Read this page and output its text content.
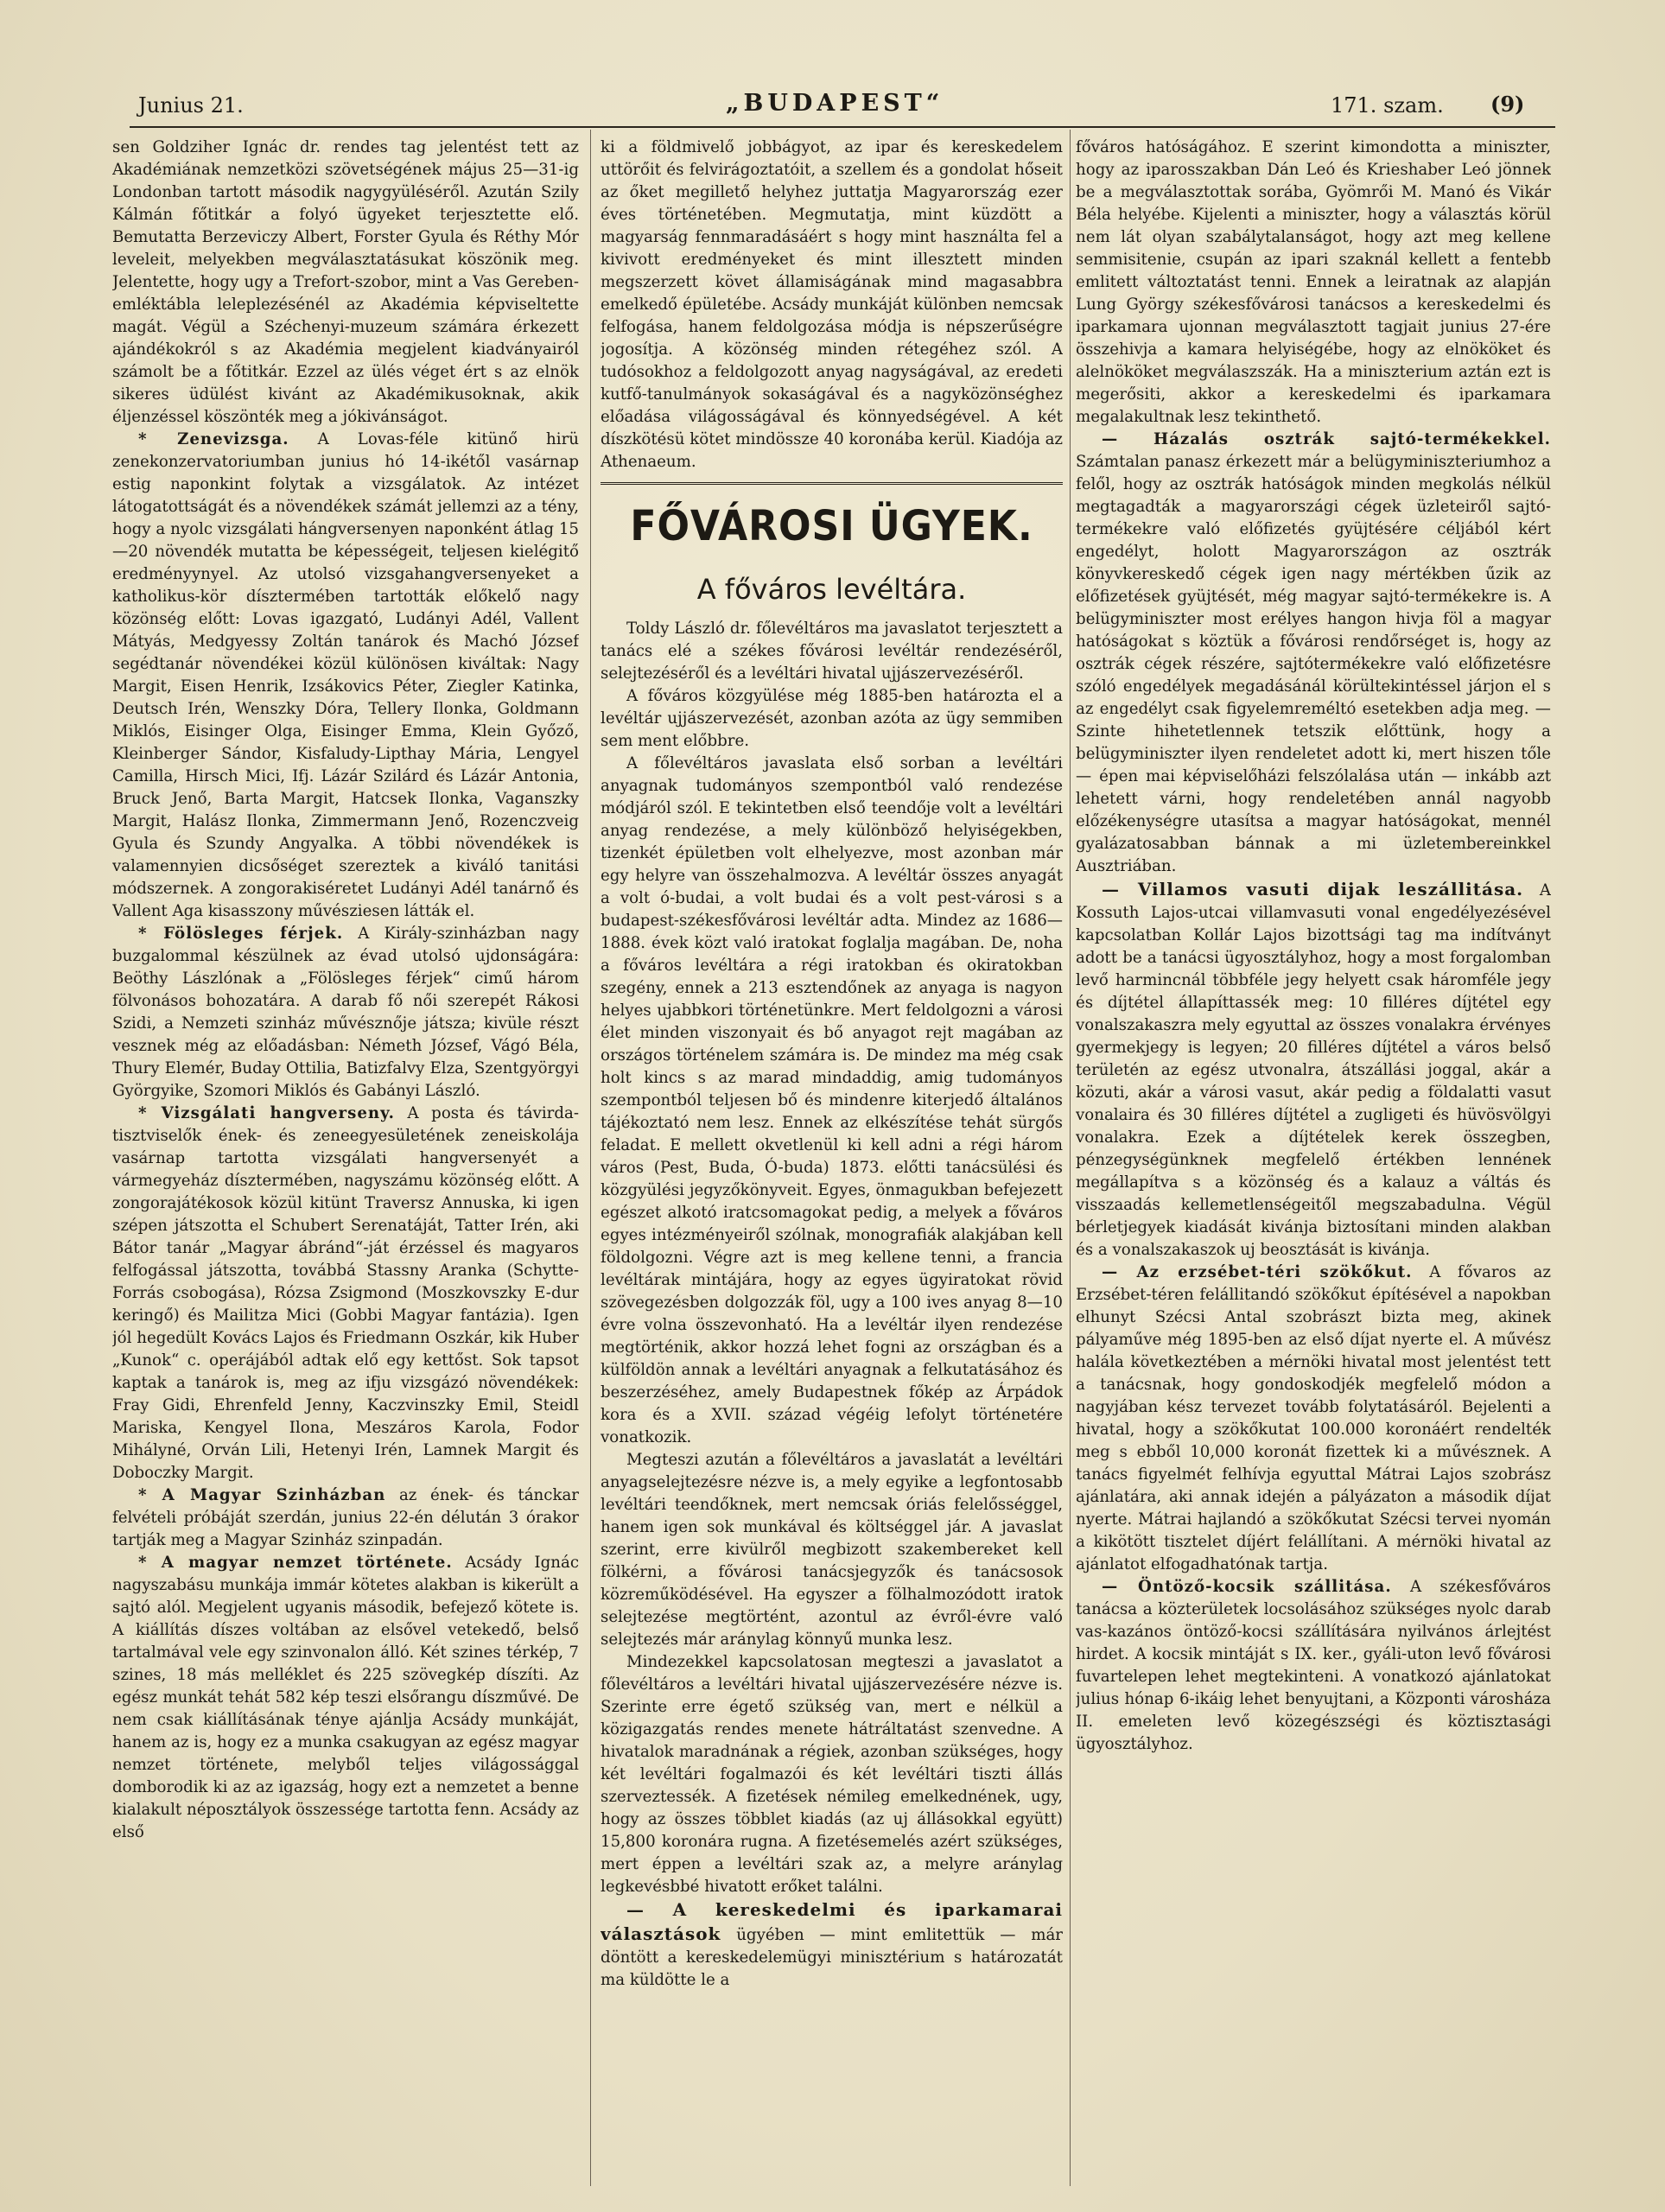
Junius 21.	„BUDAPEST“	171. szam. (9)

sen Goldziher Ignác dr. rendes tag jelentést tett az Akadémiának nemzetközi szövetségének május 25—31-ig Londonban tartott második nagygyüléséről. Azután Szily Kálmán főtitkár a folyó ügyeket terjesztette elő. Bemutatta Berzeviczy Albert, Forster Gyula és Réthy Mór leveleit, melyekben megválasztatásukat köszönik meg. Jelentette, hogy ugy a Trefort-szobor, mint a Vas Gereben-emléktábla leleplezésénél az Akadémia képviseltette magát. Végül a Széchenyi-muzeum számára érkezett ajándékokról s az Akadémia megjelent kiadványairól számolt be a főtitkár. Ezzel az ülés véget ért s az elnök sikeres üdülést kivánt az Akadémikusoknak, akik éljenzéssel köszönték meg a jókivánságot.

* Zenevizsga. A Lovas-féle kitünő hirü zenekonzervatoriumban junius hó 14-ikétől vasárnap estig naponkint folytak a vizsgálatok. Az intézet látogatottságát és a növendékek számát jellemzi az a tény, hogy a nyolc vizsgálati hángversenyen naponként átlag 15—20 növendék mutatta be képességeit, teljesen kielégitő eredményynyel. Az utolsó vizsgahangversenyeket a katholikus-kör dísztermében tartották előkelő nagy közönség előtt: Lovas igazgató, Ludányi Adél, Vallent Mátyás, Medgyessy Zoltán tanárok és Machó József segédtanár növendékei közül különösen kiváltak: Nagy Margit, Eisen Henrik, Izsákovics Péter, Ziegler Katinka, Deutsch Irén, Wenszky Dóra, Tellery Ilonka, Goldmann Miklós, Eisinger Olga, Eisinger Emma, Klein Győző, Kleinberger Sándor, Kisfaludy-Lipthay Mária, Lengyel Camilla, Hirsch Mici, Ifj. Lázár Szilárd és Lázár Antonia, Bruck Jenő, Barta Margit, Hatcsek Ilonka, Vaganszky Margit, Halász Ilonka, Zimmermann Jenő, Rozenczveig Gyula és Szundy Angyalka. A többi növendékek is valamennyien dicsőséget szereztek a kiváló tanitási módszernek. A zongorakiséretet Ludányi Adél tanárnő és Vallent Aga kisasszony művésziesen látták el.

* Fölösleges férjek. A Király-szinházban nagy buzgalommal készülnek az évad utolsó ujdonságára: Beöthy Lászlónak a „Fölösleges férjek“ cimű három fölvonásos bohozatára. A darab fő női szerepét Rákosi Szidi, a Nemzeti szinház művésznője játsza; kivüle részt vesznek még az előadásban: Németh József, Vágó Béla, Thury Elemér, Buday Ottilia, Batizfalvy Elza, Szentgyörgyi Györgyike, Szomori Miklós és Gabányi László.

* Vizsgálati hangverseny. A posta és távirda-tisztviselők ének- és zeneegyesületének zeneiskolája vasárnap tartotta vizsgálati hangversenyét a vármegyeház dísztermében, nagyszámu közönség előtt. A zongorajátékosok közül kitünt Traversz Annuska, ki igen szépen játszotta el Schubert Serenatáját, Tatter Irén, aki Bátor tanár „Magyar ábránd“-ját érzéssel és magyaros felfogással játszotta, továbbá Stassny Aranka (Schytte-Forrás csobogása), Rózsa Zsigmond (Moszkovszky E-dur keringő) és Mailitza Mici (Gobbi Magyar fantázia). Igen jól hegedült Kovács Lajos és Friedmann Oszkár, kik Huber „Kunok“ c. operájából adtak elő egy kettőst. Sok tapsot kaptak a tanárok is, meg az ifju vizsgázó növendékek: Fray Gidi, Ehrenfeld Jenny, Kaczvinszky Emil, Steidl Mariska, Kengyel Ilona, Meszáros Karola, Fodor Mihályné, Orván Lili, Hetenyi Irén, Lamnek Margit és Doboczky Margit.

* A Magyar Szinházban az ének- és tánckar felvételi próbáját szerdán, junius 22-én délután 3 órakor tartják meg a Magyar Szinház szinpadán.

* A magyar nemzet története. Acsády Ignác nagyszabásu munkája immár kötetes alakban is kikerült a sajtó alól. Megjelent ugyanis második, befejező kötete is. A kiállítás díszes voltában az elsővel vetekedő, belső tartalmával vele egy szinvonalon álló. Két szines térkép, 7 szines, 18 más melléklet és 225 szövegkép díszíti. Az egész munkát tehát 582 kép teszi elsőrangu díszművé. De nem csak kiállításának ténye ajánlja Acsády munkáját, hanem az is, hogy ez a munka csakugyan az egész magyar nemzet története, melyből teljes világossággal domborodik ki az az igazság, hogy ezt a nemzetet a benne kialakult néposztályok összessége tartotta fenn. Acsády az első

ki a földmivelő jobbágyot, az ipar és kereskedelem uttörőit és felvirágoztatóit, a szellem és a gondolat hőseit az őket megillető helyhez juttatja Magyarország ezer éves történetében. Megmutatja, mint küzdött a magyarság fennmaradásáért s hogy mint használta fel a kivivott eredményeket és mint illesztett minden megszerzett követ államiságának mind magasabbra emelkedő épületébe. Acsády munkáját különben nemcsak felfogása, hanem feldolgozása módja is népszerűségre jogosítja. A közönség minden rétegéhez szól. A tudósokhoz a feldolgozott anyag nagyságával, az eredeti kutfő-tanulmányok sokaságával és a nagyközönséghez előadása világosságával és könnyedségével. A két díszkötésü kötet mindössze 40 koronába kerül. Kiadója az Athenaeum.

FŐVÁROSI ÜGYEK.
A főváros levéltára.

Toldy László dr. főlevéltáros ma javaslatot terjesztett a tanács elé a székes fővárosi levéltár rendezéséről, selejtezéséről és a levéltári hivatal ujjászervezéséről.

A főváros közgyülése még 1885-ben határozta el a levéltár ujjászervezését, azonban azóta az ügy semmiben sem ment előbbre.

A főlevéltáros javaslata első sorban a levéltári anyagnak tudományos szempontból való rendezése módjáról szól. E tekintetben első teendője volt a levéltári anyag rendezése, a mely különböző helyiségekben, tizenkét épületben volt elhelyezve, most azonban már egy helyre van összehalmozva. A levéltár összes anyagát a volt ó-budai, a volt budai és a volt pest-városi s a budapest-székesfővárosi levéltár adta. Mindez az 1686—1888. évek közt való iratokat foglalja magában. De, noha a főváros levéltára a régi iratokban és okiratokban szegény, ennek a 213 esztendőnek az anyaga is nagyon helyes ujabbkori történetünkre. Mert feldolgozni a városi élet minden viszonyait és bő anyagot rejt magában az országos történelem számára is. De mindez ma még csak holt kincs s az marad mindaddig, amig tudományos szempontból teljesen bő és mindenre kiterjedő általános tájékoztató nem lesz. Ennek az elkészítése tehát sürgős feladat. E mellett okvetlenül ki kell adni a régi három város (Pest, Buda, Ó-buda) 1873. előtti tanácsülési és közgyülési jegyzőkönyveit. Egyes, önmagukban befejezett egészet alkotó iratcsomagokat pedig, a melyek a főváros egyes intézményeiről szólnak, monografiák alakjában kell földolgozni. Végre azt is meg kellene tenni, a francia levéltárak mintájára, hogy az egyes ügyiratokat rövid szövegezésben dolgozzák föl, ugy a 100 ives anyag 8—10 évre volna összevonható. Ha a levéltár ilyen rendezése megtörténik, akkor hozzá lehet fogni az országban és a külföldön annak a levéltári anyagnak a felkutatásához és beszerzéséhez, amely Budapestnek főkép az Árpádok kora és a XVII. század végéig lefolyt történetére vonatkozik.

Megteszi azután a főlevéltáros a javaslatát a levéltári anyagselejtezésre nézve is, a mely egyike a legfontosabb levéltári teendőknek, mert nemcsak óriás felelősséggel, hanem igen sok munkával és költséggel jár. A javaslat szerint, erre kivülről megbizott szakembereket kell fölkérni, a fővárosi tanácsjegyzők és tanácsosok közreműködésével. Ha egyszer a fölhalmozódott iratok selejtezése megtörtént, azontul az évről-évre való selejtezés már aránylag könnyű munka lesz.

Mindezekkel kapcsolatosan megteszi a javaslatot a főlevéltáros a levéltári hivatal ujjászervezésére nézve is. Szerinte erre égető szükség van, mert e nélkül a közigazgatás rendes menete hátráltatást szenvedne. A hivatalok maradnának a régiek, azonban szükséges, hogy két levéltári fogalmazói és két levéltári tiszti állás szerveztessék. A fizetések némileg emelkednének, ugy, hogy az összes többlet kiadás (az uj állásokkal együtt) 15,800 koronára rugna. A fizetésemelés azért szükséges, mert éppen a levéltári szak az, a melyre aránylag legkevésbbé hivatott erőket találni.

— A kereskedelmi és iparkamarai választások ügyében — mint emlitettük — már döntött a kereskedelemügyi minisztérium s határozatát ma küldötte le a

főváros hatóságához. E szerint kimondotta a miniszter, hogy az iparosszakban Dán Leó és Krieshaber Leó jönnek be a megválasztottak sorába, Gyömrői M. Manó és Vikár Béla helyébe. Kijelenti a miniszter, hogy a választás körül nem lát olyan szabálytalanságot, hogy azt meg kellene semmisitenie, csupán az ipari szaknál kellett a fentebb emlitett változtatást tenni. Ennek a leiratnak az alapján Lung György székesfővárosi tanácsos a kereskedelmi és iparkamara ujonnan megválasztott tagjait junius 27-ére összehivja a kamara helyiségébe, hogy az elnököket és alelnököket megválaszszák. Ha a miniszterium aztán ezt is megerősiti, akkor a kereskedelmi és iparkamara megalakultnak lesz tekinthető.

— Házalás osztrák sajtó-termékekkel. Számtalan panasz érkezett már a belügyminiszteriumhoz a felől, hogy az osztrák hatóságok minden megkolás nélkül megtagadták a magyarországi cégek üzleteiről sajtó-termékekre való előfizetés gyüjtésére céljából kért engedélyt, holott Magyarországon az osztrák könyvkereskedő cégek igen nagy mértékben űzik az előfizetések gyüjtését, még magyar sajtó-termékekre is. A belügyminiszter most erélyes hangon hivja föl a magyar hatóságokat s köztük a fővárosi rendőrséget is, hogy az osztrák cégek részére, sajtótermékekre való előfizetésre szóló engedélyek megadásánál körültekintéssel járjon el s az engedélyt csak figyelemreméltó esetekben adja meg. — Szinte hihetetlennek tetszik előttünk, hogy a belügyminiszter ilyen rendeletet adott ki, mert hiszen tőle — épen mai képviselőházi felszólalása után — inkább azt lehetett várni, hogy rendeletében annál nagyobb előzékenységre utasítsa a magyar hatóságokat, mennél gyalázatosabban bánnak a mi üzletembereinkkel Ausztriában.

— Villamos vasuti dijak leszállitása. A Kossuth Lajos-utcai villamvasuti vonal engedélyezésével kapcsolatban Kollár Lajos bizottsági tag ma indítványt adott be a tanácsi ügyosztályhoz, hogy a most forgalomban levő harmincnál többféle jegy helyett csak háromféle jegy és díjtétel állapíttassék meg: 10 filléres díjtétel egy vonalszakaszra mely egyuttal az összes vonalakra érvényes gyermekjegy is legyen; 20 filléres díjtétel a város belső területén az egész utvonalra, átszállási joggal, akár a közuti, akár a városi vasut, akár pedig a földalatti vasut vonalaira és 30 filléres díjtétel a zugligeti és hüvösvölgyi vonalakra. Ezek a díjtételek kerek összegben, pénzegységünknek megfelelő értékben lennének megállapítva s a közönség és a kalauz a váltás és visszaadás kellemetlenségeitől megszabadulna. Végül bérletjegyek kiadását kivánja biztosítani minden alakban és a vonalszakaszok uj beosztását is kivánja.

— Az erzsébet-téri szökőkut. A fővaros az Erzsébet-téren felállitandó szökőkut építésével a napokban elhunyt Szécsi Antal szobrászt bizta meg, akinek pályaműve még 1895-ben az első díjat nyerte el. A művész halála következtében a mérnöki hivatal most jelentést tett a tanácsnak, hogy gondoskodjék megfelelő módon a nagyjában kész tervezet tovább folytatásáról. Bejelenti a hivatal, hogy a szökőkutat 100.000 koronáért rendelték meg s ebből 10,000 koronát fizettek ki a művésznek. A tanács figyelmét felhívja egyuttal Mátrai Lajos szobrász ajánlatára, aki annak idején a pályázaton a második díjat nyerte. Mátrai hajlandó a szökőkutat Szécsi tervei nyomán a kikötött tisztelet díjért felállítani. A mérnöki hivatal az ajánlatot elfogadhatónak tartja.

— Öntöző-kocsik szállitása. A székesfőváros tanácsa a közterületek locsolásához szükséges nyolc darab vas-kazános öntöző-kocsi szállítására nyilvános árlejtést hirdet. A kocsik mintáját s IX. ker., gyáli-uton levő fővárosi fuvartelepen lehet megtekinteni. A vonatkozó ajánlatokat julius hónap 6-ikáig lehet benyujtani, a Központi városháza II. emeleten levő közegészségi és köztisztasági ügyosztályhoz.
